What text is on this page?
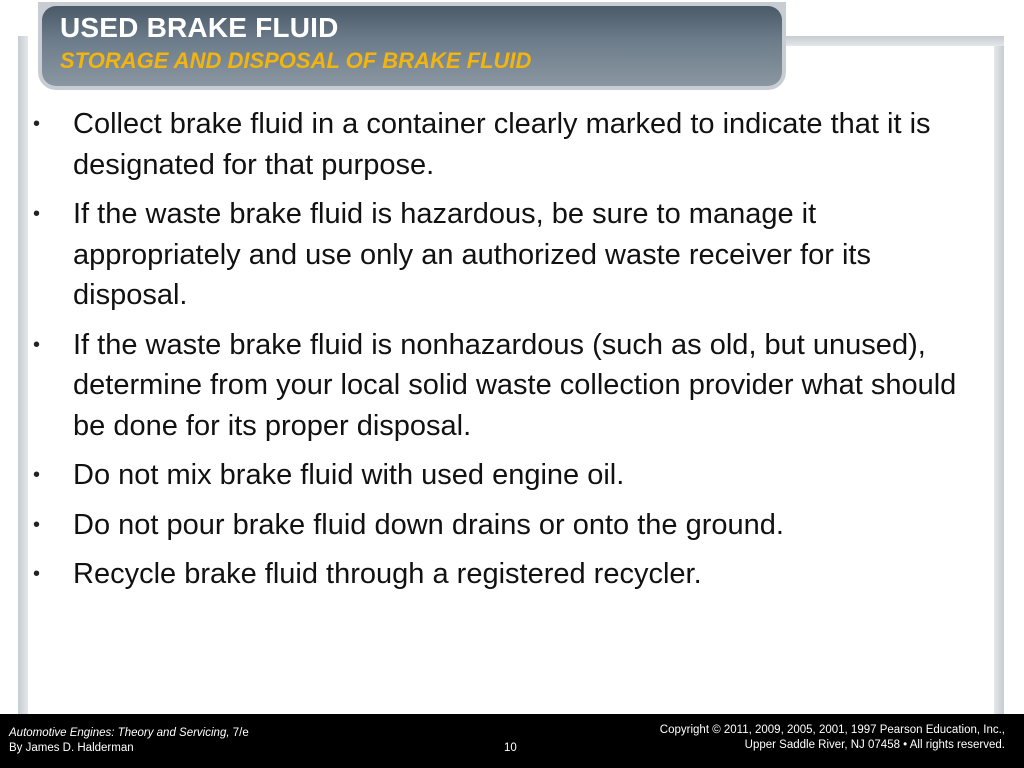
USED BRAKE FLUID
STORAGE AND DISPOSAL OF BRAKE FLUID
•	Collect brake fluid in a container clearly marked to indicate that it is designated for that purpose.
•	If the waste brake fluid is hazardous, be sure to manage it appropriately and use only an authorized waste receiver for its disposal.
•	If the waste brake fluid is nonhazardous (such as old, but unused), determine from your local solid waste collection provider what should be done for its proper disposal.
•	Do not mix brake fluid with used engine oil.
•	Do not pour brake fluid down drains or onto the ground.
•	Recycle brake fluid through a registered recycler.
Automotive Engines: Theory and Servicing, 7/e
By James D. Halderman	10
Copyright © 2011, 2009, 2005, 2001, 1997 Pearson Education, Inc.,
Upper Saddle River, NJ 07458 • All rights reserved.
